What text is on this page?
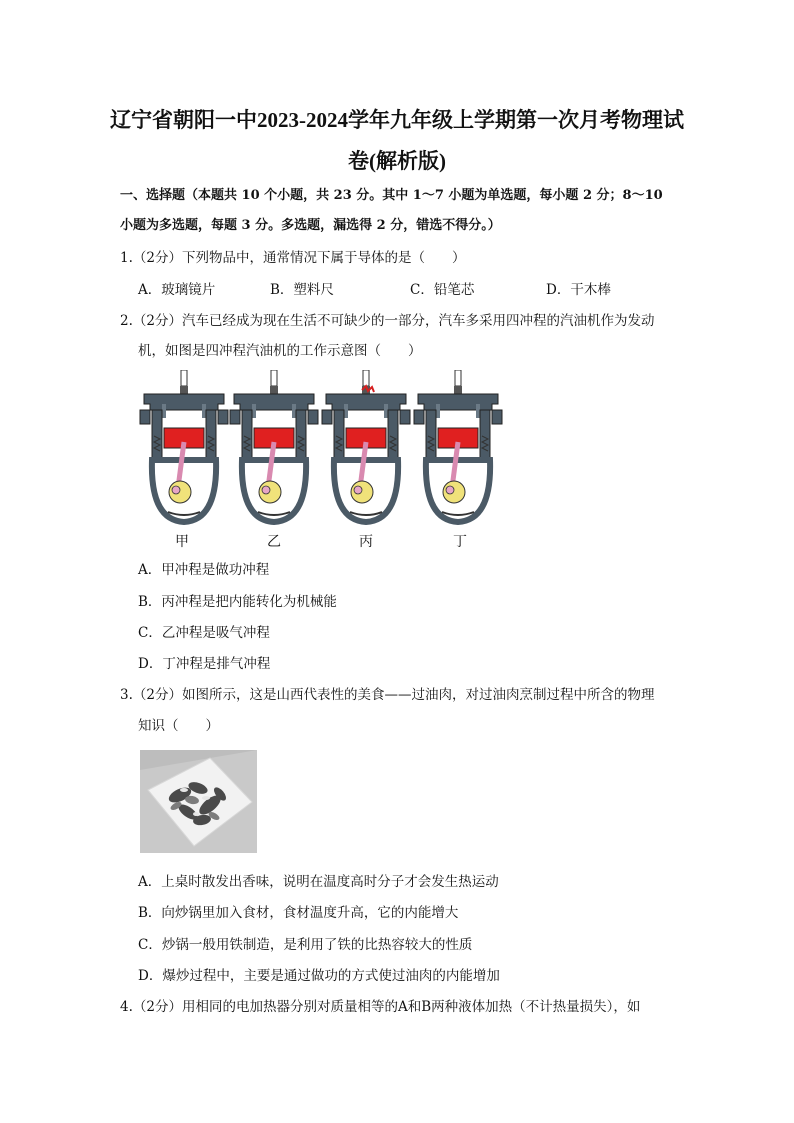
辽宁省朝阳一中2023-2024学年九年级上学期第一次月考物理试
卷(解析版)
一、选择题（本题共 10 个小题，共 23 分。其中 1～7 小题为单选题，每小题 2 分；8～10
小题为多选题，每题 3 分。多选题，漏选得 2 分，错选不得分。）
1.（2分）下列物品中，通常情况下属于导体的是（　　）
A．玻璃镜片	B．塑料尺	C．铅笔芯	D．干木棒
2.（2分）汽车已经成为现在生活不可缺少的一部分，汽车多采用四冲程的汽油机作为发动
机，如图是四冲程汽油机的工作示意图（　　）
甲	乙	丙	丁
A．甲冲程是做功冲程
B．丙冲程是把内能转化为机械能
C．乙冲程是吸气冲程
D．丁冲程是排气冲程
3.（2分）如图所示，这是山西代表性的美食——过油肉，对过油肉烹制过程中所含的物理
知识（　　）
A．上桌时散发出香味，说明在温度高时分子才会发生热运动
B．向炒锅里加入食材，食材温度升高，它的内能增大
C．炒锅一般用铁制造，是利用了铁的比热容较大的性质
D．爆炒过程中，主要是通过做功的方式使过油肉的内能增加
4.（2分）用相同的电加热器分别对质量相等的A和B两种液体加热（不计热量损失），如
